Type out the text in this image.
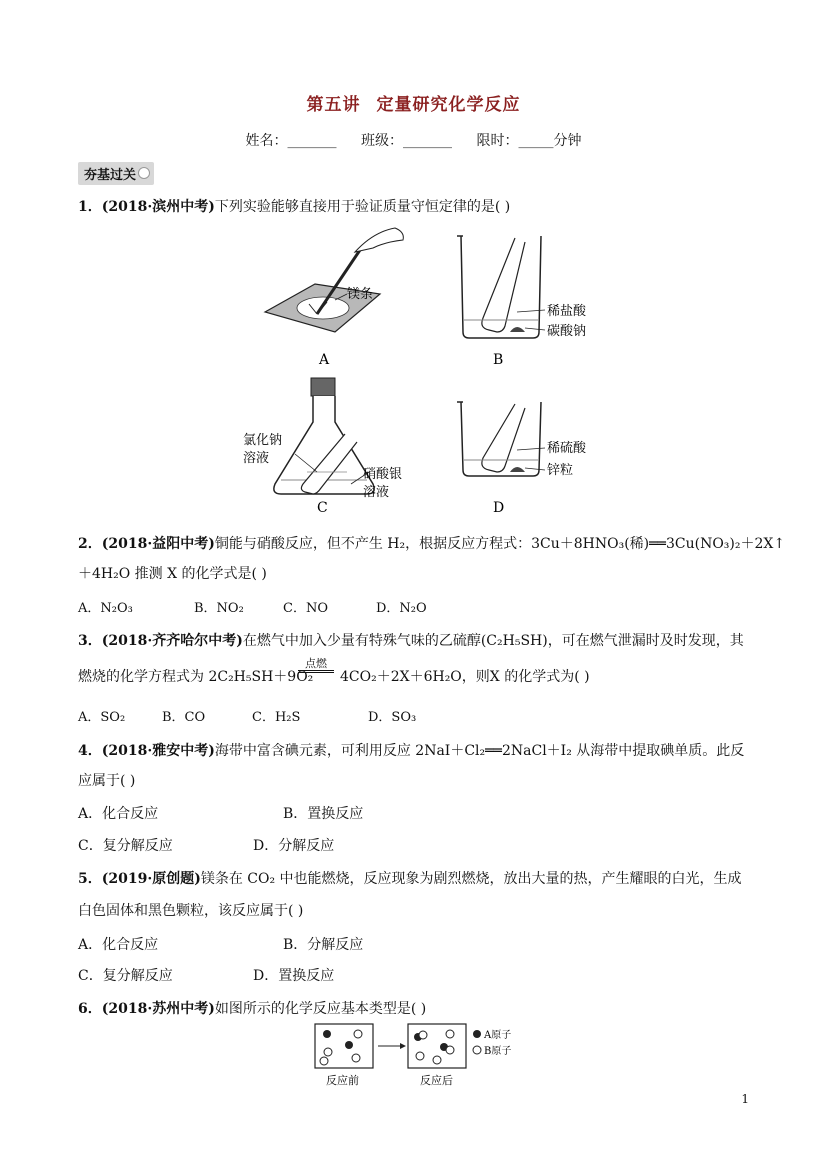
第五讲 定量研究化学反应
姓名：_______ 班级：_______ 限时：_____分钟
夯基过关
1．(2018·滨州中考)下列实验能够直接用于验证质量守恒定律的是( )
镁条
A
稀盐酸
碳酸钠
B
氯化钠
溶液
硝酸银
溶液
C
稀硫酸
锌粒
D
2．(2018·益阳中考)铜能与硝酸反应，但不产生 H₂，根据反应方程式：3Cu＋8HNO₃(稀)══3Cu(NO₃)₂＋2X↑
＋4H₂O 推测 X 的化学式是( )
A．N₂O₃	B．NO₂	C．NO	D．N₂O
3．(2018·齐齐哈尔中考)在燃气中加入少量有特殊气味的乙硫醇(C₂H₅SH)，可在燃气泄漏时及时发现，其
燃烧的化学方程式为 2C₂H₅SH＋9O₂
点燃
4CO₂＋2X＋6H₂O，则X 的化学式为( )
A．SO₂	B．CO	C．H₂S	D．SO₃
4．(2018·雅安中考)海带中富含碘元素，可利用反应 2NaI＋Cl₂══2NaCl＋I₂ 从海带中提取碘单质。此反
应属于( )
A．化合反应	B．置换反应
C．复分解反应	D．分解反应
5．(2019·原创题)镁条在 CO₂ 中也能燃烧，反应现象为剧烈燃烧，放出大量的热，产生耀眼的白光，生成
白色固体和黑色颗粒，该反应属于( )
A．化合反应	B．分解反应
C．复分解反应	D．置换反应
6．(2018·苏州中考)如图所示的化学反应基本类型是( )
A原子
B原子
反应前	反应后
1
